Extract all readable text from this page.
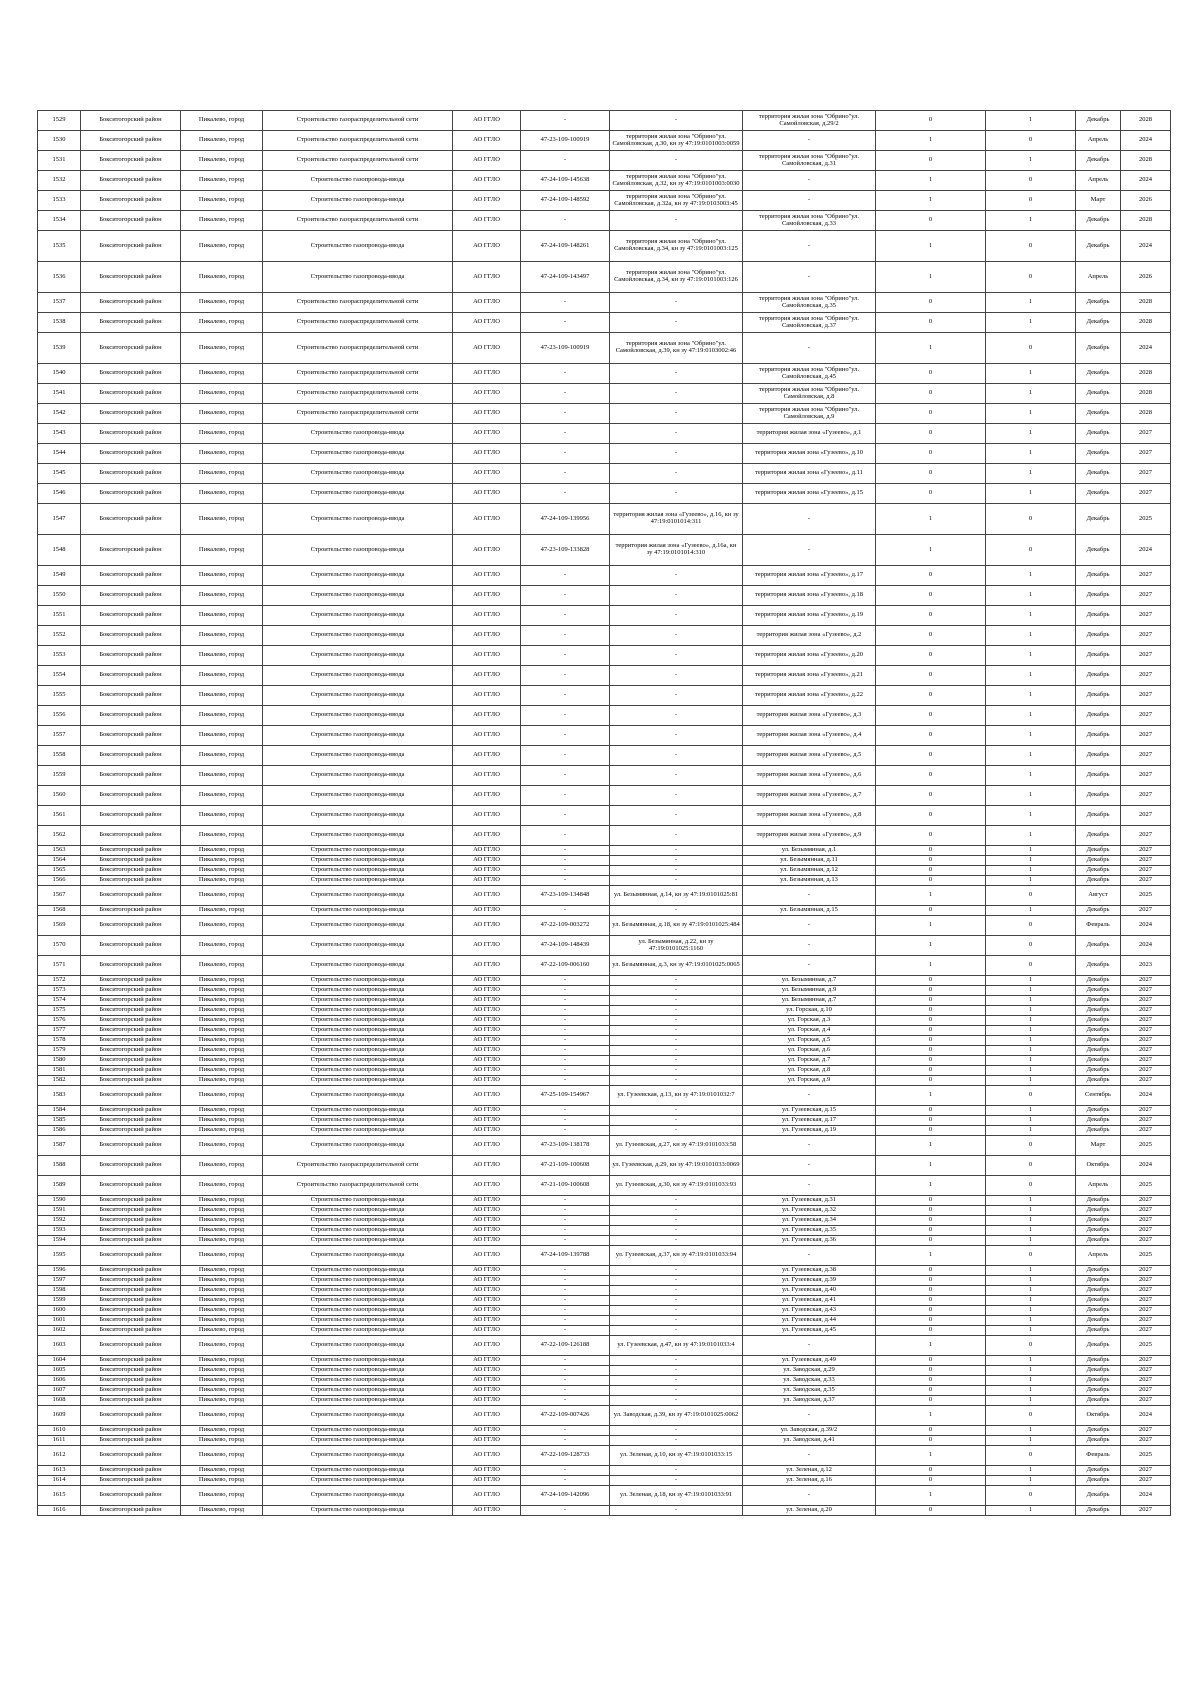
1529	Бокситогорский район	Пикалево, город	Строительство газораспределительной сети	АО ГГЛО	-	-	территория жилая зона "Обрино"ул. Самойловская, д.29/2	0	1	Декабрь	2028
1530	Бокситогорский район	Пикалево, город	Строительство газораспределительной сети	АО ГГЛО	47-23-109-100919	территория жилая зона "Обрино"ул. Самойловская, д.30, кн зу 47:19:0101003:0059	-	1	0	Апрель	2024
1531	Бокситогорский район	Пикалево, город	Строительство газораспределительной сети	АО ГГЛО	-	-	территория жилая зона "Обрино"ул. Самойловская, д.31	0	1	Декабрь	2028
1532	Бокситогорский район	Пикалево, город	Строительство газопровода-ввода	АО ГГЛО	47-24-109-145638	территория жилая зона "Обрино"ул. Самойловская, д.32, кн зу 47:19:0101003:0030	-	1	0	Апрель	2024
1533	Бокситогорский район	Пикалево, город	Строительство газопровода-ввода	АО ГГЛО	47-24-109-148592	территория жилая зона "Обрино"ул. Самойловская, д.32а, кн зу 47:19:0103003:45	-	1	0	Март	2026
1534	Бокситогорский район	Пикалево, город	Строительство газораспределительной сети	АО ГГЛО	-	-	территория жилая зона "Обрино"ул. Самойловская, д.33	0	1	Декабрь	2028
1535	Бокситогорский район	Пикалево, город	Строительство газопровода-ввода	АО ГГЛО	47-24-109-148261	территория жилая зона "Обрино"ул. Самойловская, д.34, кн зу 47:19:0101003:125	-	1	0	Декабрь	2024
1536	Бокситогорский район	Пикалево, город	Строительство газопровода-ввода	АО ГГЛО	47-24-109-143497	территория жилая зона "Обрино"ул. Самойловская, д.34, кн зу 47:19:0101003:126	-	1	0	Апрель	2026
1537	Бокситогорский район	Пикалево, город	Строительство газораспределительной сети	АО ГГЛО	-	-	территория жилая зона "Обрино"ул. Самойловская, д.35	0	1	Декабрь	2028
1538	Бокситогорский район	Пикалево, город	Строительство газораспределительной сети	АО ГГЛО	-	-	территория жилая зона "Обрино"ул. Самойловская, д.37	0	1	Декабрь	2028
1539	Бокситогорский район	Пикалево, город	Строительство газораспределительной сети	АО ГГЛО	47-23-109-100919	территория жилая зона "Обрино"ул. Самойловская, д.39, кн зу 47:19:0103002:46	-	1	0	Декабрь	2024
1540	Бокситогорский район	Пикалево, город	Строительство газораспределительной сети	АО ГГЛО	-	-	территория жилая зона "Обрино"ул. Самойловская, д.45	0	1	Декабрь	2028
1541	Бокситогорский район	Пикалево, город	Строительство газораспределительной сети	АО ГГЛО	-	-	территория жилая зона "Обрино"ул. Самойловская, д.8	0	1	Декабрь	2028
1542	Бокситогорский район	Пикалево, город	Строительство газораспределительной сети	АО ГГЛО	-	-	территория жилая зона "Обрино"ул. Самойловская, д.9	0	1	Декабрь	2028
1543	Бокситогорский район	Пикалево, город	Строительство газопровода-ввода	АО ГГЛО	-	-	территория жилая зона «Гузеево», д.1	0	1	Декабрь	2027
1544	Бокситогорский район	Пикалево, город	Строительство газопровода-ввода	АО ГГЛО	-	-	территория жилая зона «Гузеево», д.10	0	1	Декабрь	2027
1545	Бокситогорский район	Пикалево, город	Строительство газопровода-ввода	АО ГГЛО	-	-	территория жилая зона «Гузеево», д.11	0	1	Декабрь	2027
1546	Бокситогорский район	Пикалево, город	Строительство газопровода-ввода	АО ГГЛО	-	-	территория жилая зона «Гузеево», д.15	0	1	Декабрь	2027
1547	Бокситогорский район	Пикалево, город	Строительство газопровода-ввода	АО ГГЛО	47-24-109-139956	территория жилая зона «Гузеево», д.16, кн зу 47:19:0101014:311	-	1	0	Декабрь	2025
1548	Бокситогорский район	Пикалево, город	Строительство газопровода-ввода	АО ГГЛО	47-23-109-133828	территория жилая зона «Гузеево», д.16а, кн зу 47:19:0101014:310	-	1	0	Декабрь	2024
1549	Бокситогорский район	Пикалево, город	Строительство газопровода-ввода	АО ГГЛО	-	-	территория жилая зона «Гузеево», д.17	0	1	Декабрь	2027
1550	Бокситогорский район	Пикалево, город	Строительство газопровода-ввода	АО ГГЛО	-	-	территория жилая зона «Гузеево», д.18	0	1	Декабрь	2027
1551	Бокситогорский район	Пикалево, город	Строительство газопровода-ввода	АО ГГЛО	-	-	территория жилая зона «Гузеево», д.19	0	1	Декабрь	2027
1552	Бокситогорский район	Пикалево, город	Строительство газопровода-ввода	АО ГГЛО	-	-	территория жилая зона «Гузеево», д.2	0	1	Декабрь	2027
1553	Бокситогорский район	Пикалево, город	Строительство газопровода-ввода	АО ГГЛО	-	-	территория жилая зона «Гузеево», д.20	0	1	Декабрь	2027
1554	Бокситогорский район	Пикалево, город	Строительство газопровода-ввода	АО ГГЛО	-	-	территория жилая зона «Гузеево», д.21	0	1	Декабрь	2027
1555	Бокситогорский район	Пикалево, город	Строительство газопровода-ввода	АО ГГЛО	-	-	территория жилая зона «Гузеево», д.22	0	1	Декабрь	2027
1556	Бокситогорский район	Пикалево, город	Строительство газопровода-ввода	АО ГГЛО	-	-	территория жилая зона «Гузеево», д.3	0	1	Декабрь	2027
1557	Бокситогорский район	Пикалево, город	Строительство газопровода-ввода	АО ГГЛО	-	-	территория жилая зона «Гузеево», д.4	0	1	Декабрь	2027
1558	Бокситогорский район	Пикалево, город	Строительство газопровода-ввода	АО ГГЛО	-	-	территория жилая зона «Гузеево», д.5	0	1	Декабрь	2027
1559	Бокситогорский район	Пикалево, город	Строительство газопровода-ввода	АО ГГЛО	-	-	территория жилая зона «Гузеево», д.6	0	1	Декабрь	2027
1560	Бокситогорский район	Пикалево, город	Строительство газопровода-ввода	АО ГГЛО	-	-	территория жилая зона «Гузеево», д.7	0	1	Декабрь	2027
1561	Бокситогорский район	Пикалево, город	Строительство газопровода-ввода	АО ГГЛО	-	-	территория жилая зона «Гузеево», д.8	0	1	Декабрь	2027
1562	Бокситогорский район	Пикалево, город	Строительство газопровода-ввода	АО ГГЛО	-	-	территория жилая зона «Гузеево», д.9	0	1	Декабрь	2027
1563	Бокситогорский район	Пикалево, город	Строительство газопровода-ввода	АО ГГЛО	-	-	ул. Безымянная, д.1	0	1	Декабрь	2027
1564	Бокситогорский район	Пикалево, город	Строительство газопровода-ввода	АО ГГЛО	-	-	ул. Безымянная, д.11	0	1	Декабрь	2027
1565	Бокситогорский район	Пикалево, город	Строительство газопровода-ввода	АО ГГЛО	-	-	ул. Безымянная, д.12	0	1	Декабрь	2027
1566	Бокситогорский район	Пикалево, город	Строительство газопровода-ввода	АО ГГЛО	-	-	ул. Безымянная, д.13	0	1	Декабрь	2027
1567	Бокситогорский район	Пикалево, город	Строительство газопровода-ввода	АО ГГЛО	47-23-109-134848	ул. Безымянная, д.14, кн зу 47:19:0101025:81	-	1	0	Август	2025
1568	Бокситогорский район	Пикалево, город	Строительство газопровода-ввода	АО ГГЛО	-	-	ул. Безымянная, д.15	0	1	Декабрь	2027
1569	Бокситогорский район	Пикалево, город	Строительство газопровода-ввода	АО ГГЛО	47-22-109-003272	ул. Безымянная, д.18, кн зу 47:19:0101025:484	-	1	0	Февраль	2024
1570	Бокситогорский район	Пикалево, город	Строительство газопровода-ввода	АО ГГЛО	47-24-109-148439	ул. Безымянная, д.22, кн зу 47:19:0101025:1160	-	1	0	Декабрь	2024
1571	Бокситогорский район	Пикалево, город	Строительство газопровода-ввода	АО ГГЛО	47-22-109-006160	ул. Безымянная, д.3, кн зу 47:19:0101025:0065	-	1	0	Декабрь	2023
1572	Бокситогорский район	Пикалево, город	Строительство газопровода-ввода	АО ГГЛО	-	-	ул. Безымянная, д.7	0	1	Декабрь	2027
1573	Бокситогорский район	Пикалево, город	Строительство газопровода-ввода	АО ГГЛО	-	-	ул. Безымянная, д.9	0	1	Декабрь	2027
1574	Бокситогорский район	Пикалево, город	Строительство газопровода-ввода	АО ГГЛО	-	-	ул. Безымянная, д.7	0	1	Декабрь	2027
1575	Бокситогорский район	Пикалево, город	Строительство газопровода-ввода	АО ГГЛО	-	-	ул. Горская, д.10	0	1	Декабрь	2027
1576	Бокситогорский район	Пикалево, город	Строительство газопровода-ввода	АО ГГЛО	-	-	ул. Горская, д.3	0	1	Декабрь	2027
1577	Бокситогорский район	Пикалево, город	Строительство газопровода-ввода	АО ГГЛО	-	-	ул. Горская, д.4	0	1	Декабрь	2027
1578	Бокситогорский район	Пикалево, город	Строительство газопровода-ввода	АО ГГЛО	-	-	ул. Горская, д.5	0	1	Декабрь	2027
1579	Бокситогорский район	Пикалево, город	Строительство газопровода-ввода	АО ГГЛО	-	-	ул. Горская, д.6	0	1	Декабрь	2027
1580	Бокситогорский район	Пикалево, город	Строительство газопровода-ввода	АО ГГЛО	-	-	ул. Горская, д.7	0	1	Декабрь	2027
1581	Бокситогорский район	Пикалево, город	Строительство газопровода-ввода	АО ГГЛО	-	-	ул. Горская, д.8	0	1	Декабрь	2027
1582	Бокситогорский район	Пикалево, город	Строительство газопровода-ввода	АО ГГЛО	-	-	ул. Горская, д.9	0	1	Декабрь	2027
1583	Бокситогорский район	Пикалево, город	Строительство газопровода-ввода	АО ГГЛО	47-25-109-154967	ул. Гузеевская, д.13, кн зу 47:19:0101032:7	-	1	0	Сентябрь	2024
1584	Бокситогорский район	Пикалево, город	Строительство газопровода-ввода	АО ГГЛО	-	-	ул. Гузеевская, д.15	0	1	Декабрь	2027
1585	Бокситогорский район	Пикалево, город	Строительство газопровода-ввода	АО ГГЛО	-	-	ул. Гузеевская, д.17	0	1	Декабрь	2027
1586	Бокситогорский район	Пикалево, город	Строительство газопровода-ввода	АО ГГЛО	-	-	ул. Гузеевская, д.19	0	1	Декабрь	2027
1587	Бокситогорский район	Пикалево, город	Строительство газопровода-ввода	АО ГГЛО	47-23-109-138178	ул. Гузеевская, д.27, кн зу 47:19:0101033:58	-	1	0	Март	2025
1588	Бокситогорский район	Пикалево, город	Строительство газораспределительной сети	АО ГГЛО	47-21-109-100608	ул. Гузеевская, д.29, кн зу 47:19:0101033:0069	-	1	0	Октябрь	2024
1589	Бокситогорский район	Пикалево, город	Строительство газораспределительной сети	АО ГГЛО	47-21-109-100608	ул. Гузеевская, д.30, кн зу 47:19:0101033:93	-	1	0	Апрель	2025
1590	Бокситогорский район	Пикалево, город	Строительство газопровода-ввода	АО ГГЛО	-	-	ул. Гузеевская, д.31	0	1	Декабрь	2027
1591	Бокситогорский район	Пикалево, город	Строительство газопровода-ввода	АО ГГЛО	-	-	ул. Гузеевская, д.32	0	1	Декабрь	2027
1592	Бокситогорский район	Пикалево, город	Строительство газопровода-ввода	АО ГГЛО	-	-	ул. Гузеевская, д.34	0	1	Декабрь	2027
1593	Бокситогорский район	Пикалево, город	Строительство газопровода-ввода	АО ГГЛО	-	-	ул. Гузеевская, д.35	0	1	Декабрь	2027
1594	Бокситогорский район	Пикалево, город	Строительство газопровода-ввода	АО ГГЛО	-	-	ул. Гузеевская, д.36	0	1	Декабрь	2027
1595	Бокситогорский район	Пикалево, город	Строительство газопровода-ввода	АО ГГЛО	47-24-109-139788	ул. Гузеевская, д.37, кн зу 47:19:0101033:94	-	1	0	Апрель	2025
1596	Бокситогорский район	Пикалево, город	Строительство газопровода-ввода	АО ГГЛО	-	-	ул. Гузеевская, д.38	0	1	Декабрь	2027
1597	Бокситогорский район	Пикалево, город	Строительство газопровода-ввода	АО ГГЛО	-	-	ул. Гузеевская, д.39	0	1	Декабрь	2027
1598	Бокситогорский район	Пикалево, город	Строительство газопровода-ввода	АО ГГЛО	-	-	ул. Гузеевская, д.40	0	1	Декабрь	2027
1599	Бокситогорский район	Пикалево, город	Строительство газопровода-ввода	АО ГГЛО	-	-	ул. Гузеевская, д.41	0	1	Декабрь	2027
1600	Бокситогорский район	Пикалево, город	Строительство газопровода-ввода	АО ГГЛО	-	-	ул. Гузеевская, д.43	0	1	Декабрь	2027
1601	Бокситогорский район	Пикалево, город	Строительство газопровода-ввода	АО ГГЛО	-	-	ул. Гузеевская, д.44	0	1	Декабрь	2027
1602	Бокситогорский район	Пикалево, город	Строительство газопровода-ввода	АО ГГЛО	-	-	ул. Гузеевская, д.45	0	1	Декабрь	2027
1603	Бокситогорский район	Пикалево, город	Строительство газопровода-ввода	АО ГГЛО	47-22-109-126188	ул. Гузеевская, д.47, кн зу 47:19:0101033:4	-	1	0	Декабрь	2025
1604	Бокситогорский район	Пикалево, город	Строительство газопровода-ввода	АО ГГЛО	-	-	ул. Гузеевская, д.49	0	1	Декабрь	2027
1605	Бокситогорский район	Пикалево, город	Строительство газопровода-ввода	АО ГГЛО	-	-	ул. Заводская, д.29	0	1	Декабрь	2027
1606	Бокситогорский район	Пикалево, город	Строительство газопровода-ввода	АО ГГЛО	-	-	ул. Заводская, д.33	0	1	Декабрь	2027
1607	Бокситогорский район	Пикалево, город	Строительство газопровода-ввода	АО ГГЛО	-	-	ул. Заводская, д.35	0	1	Декабрь	2027
1608	Бокситогорский район	Пикалево, город	Строительство газопровода-ввода	АО ГГЛО	-	-	ул. Заводская, д.37	0	1	Декабрь	2027
1609	Бокситогорский район	Пикалево, город	Строительство газопровода-ввода	АО ГГЛО	47-22-109-007426	ул. Заводская, д.39, кн зу 47:19:0101025:0062	-	1	0	Октябрь	2024
1610	Бокситогорский район	Пикалево, город	Строительство газопровода-ввода	АО ГГЛО	-	-	ул. Заводская, д.39/2	0	1	Декабрь	2027
1611	Бокситогорский район	Пикалево, город	Строительство газопровода-ввода	АО ГГЛО	-	-	ул. Заводская, д.41	0	1	Декабрь	2027
1612	Бокситогорский район	Пикалево, город	Строительство газопровода-ввода	АО ГГЛО	47-22-109-128733	ул. Зеленая, д.10, кн зу 47:19:0101033:15	-	1	0	Февраль	2025
1613	Бокситогорский район	Пикалево, город	Строительство газопровода-ввода	АО ГГЛО	-	-	ул. Зеленая, д.12	0	1	Декабрь	2027
1614	Бокситогорский район	Пикалево, город	Строительство газопровода-ввода	АО ГГЛО	-	-	ул. Зеленая, д.16	0	1	Декабрь	2027
1615	Бокситогорский район	Пикалево, город	Строительство газопровода-ввода	АО ГГЛО	47-24-109-142096	ул. Зеленая, д.18, кн зу 47:19:0101033:91	-	1	0	Декабрь	2024
1616	Бокситогорский район	Пикалево, город	Строительство газопровода-ввода	АО ГГЛО	-	-	ул. Зеленая, д.20	0	1	Декабрь	2027
